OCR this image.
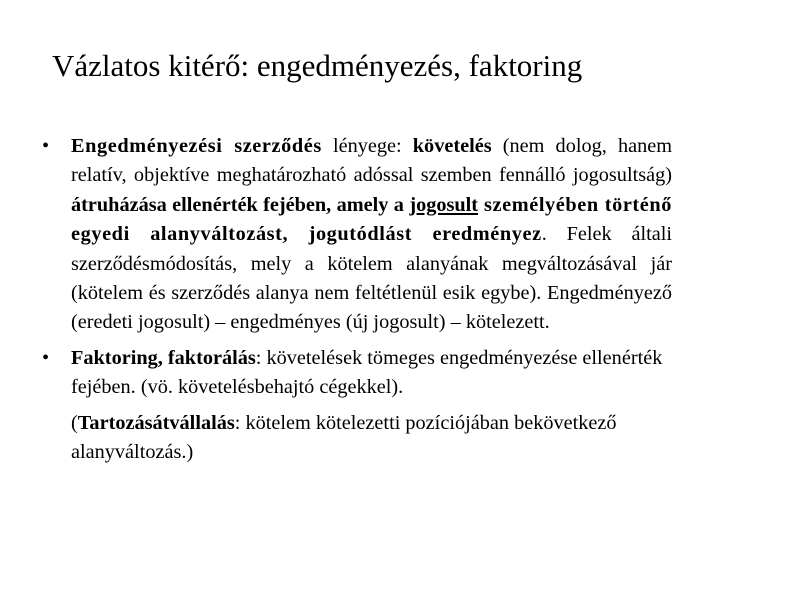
Vázlatos kitérő: engedményezés, faktoring
• Engedményezési szerződés lényege: követelés (nem dolog, hanem relatív, objektíve meghatározható adóssal szemben fennálló jogosultság) átruházása ellenérték fejében, amely a jogosult személyében történő egyedi alanyváltozást, jogutódlást eredményez. Felek általi szerződésmódosítás, mely a kötelem alanyának megváltozásával jár (kötelem és szerződés alanya nem feltétlenül esik egybe). Engedményező (eredeti jogosult) – engedményes (új jogosult) – kötelezett.
• Faktoring, faktorálás: követelések tömeges engedményezése ellenérték fejében. (vö. követelésbehajtó cégekkel).
(Tartozásátvállalás: kötelem kötelezetti pozíciójában bekövetkező alanyváltozás.)
